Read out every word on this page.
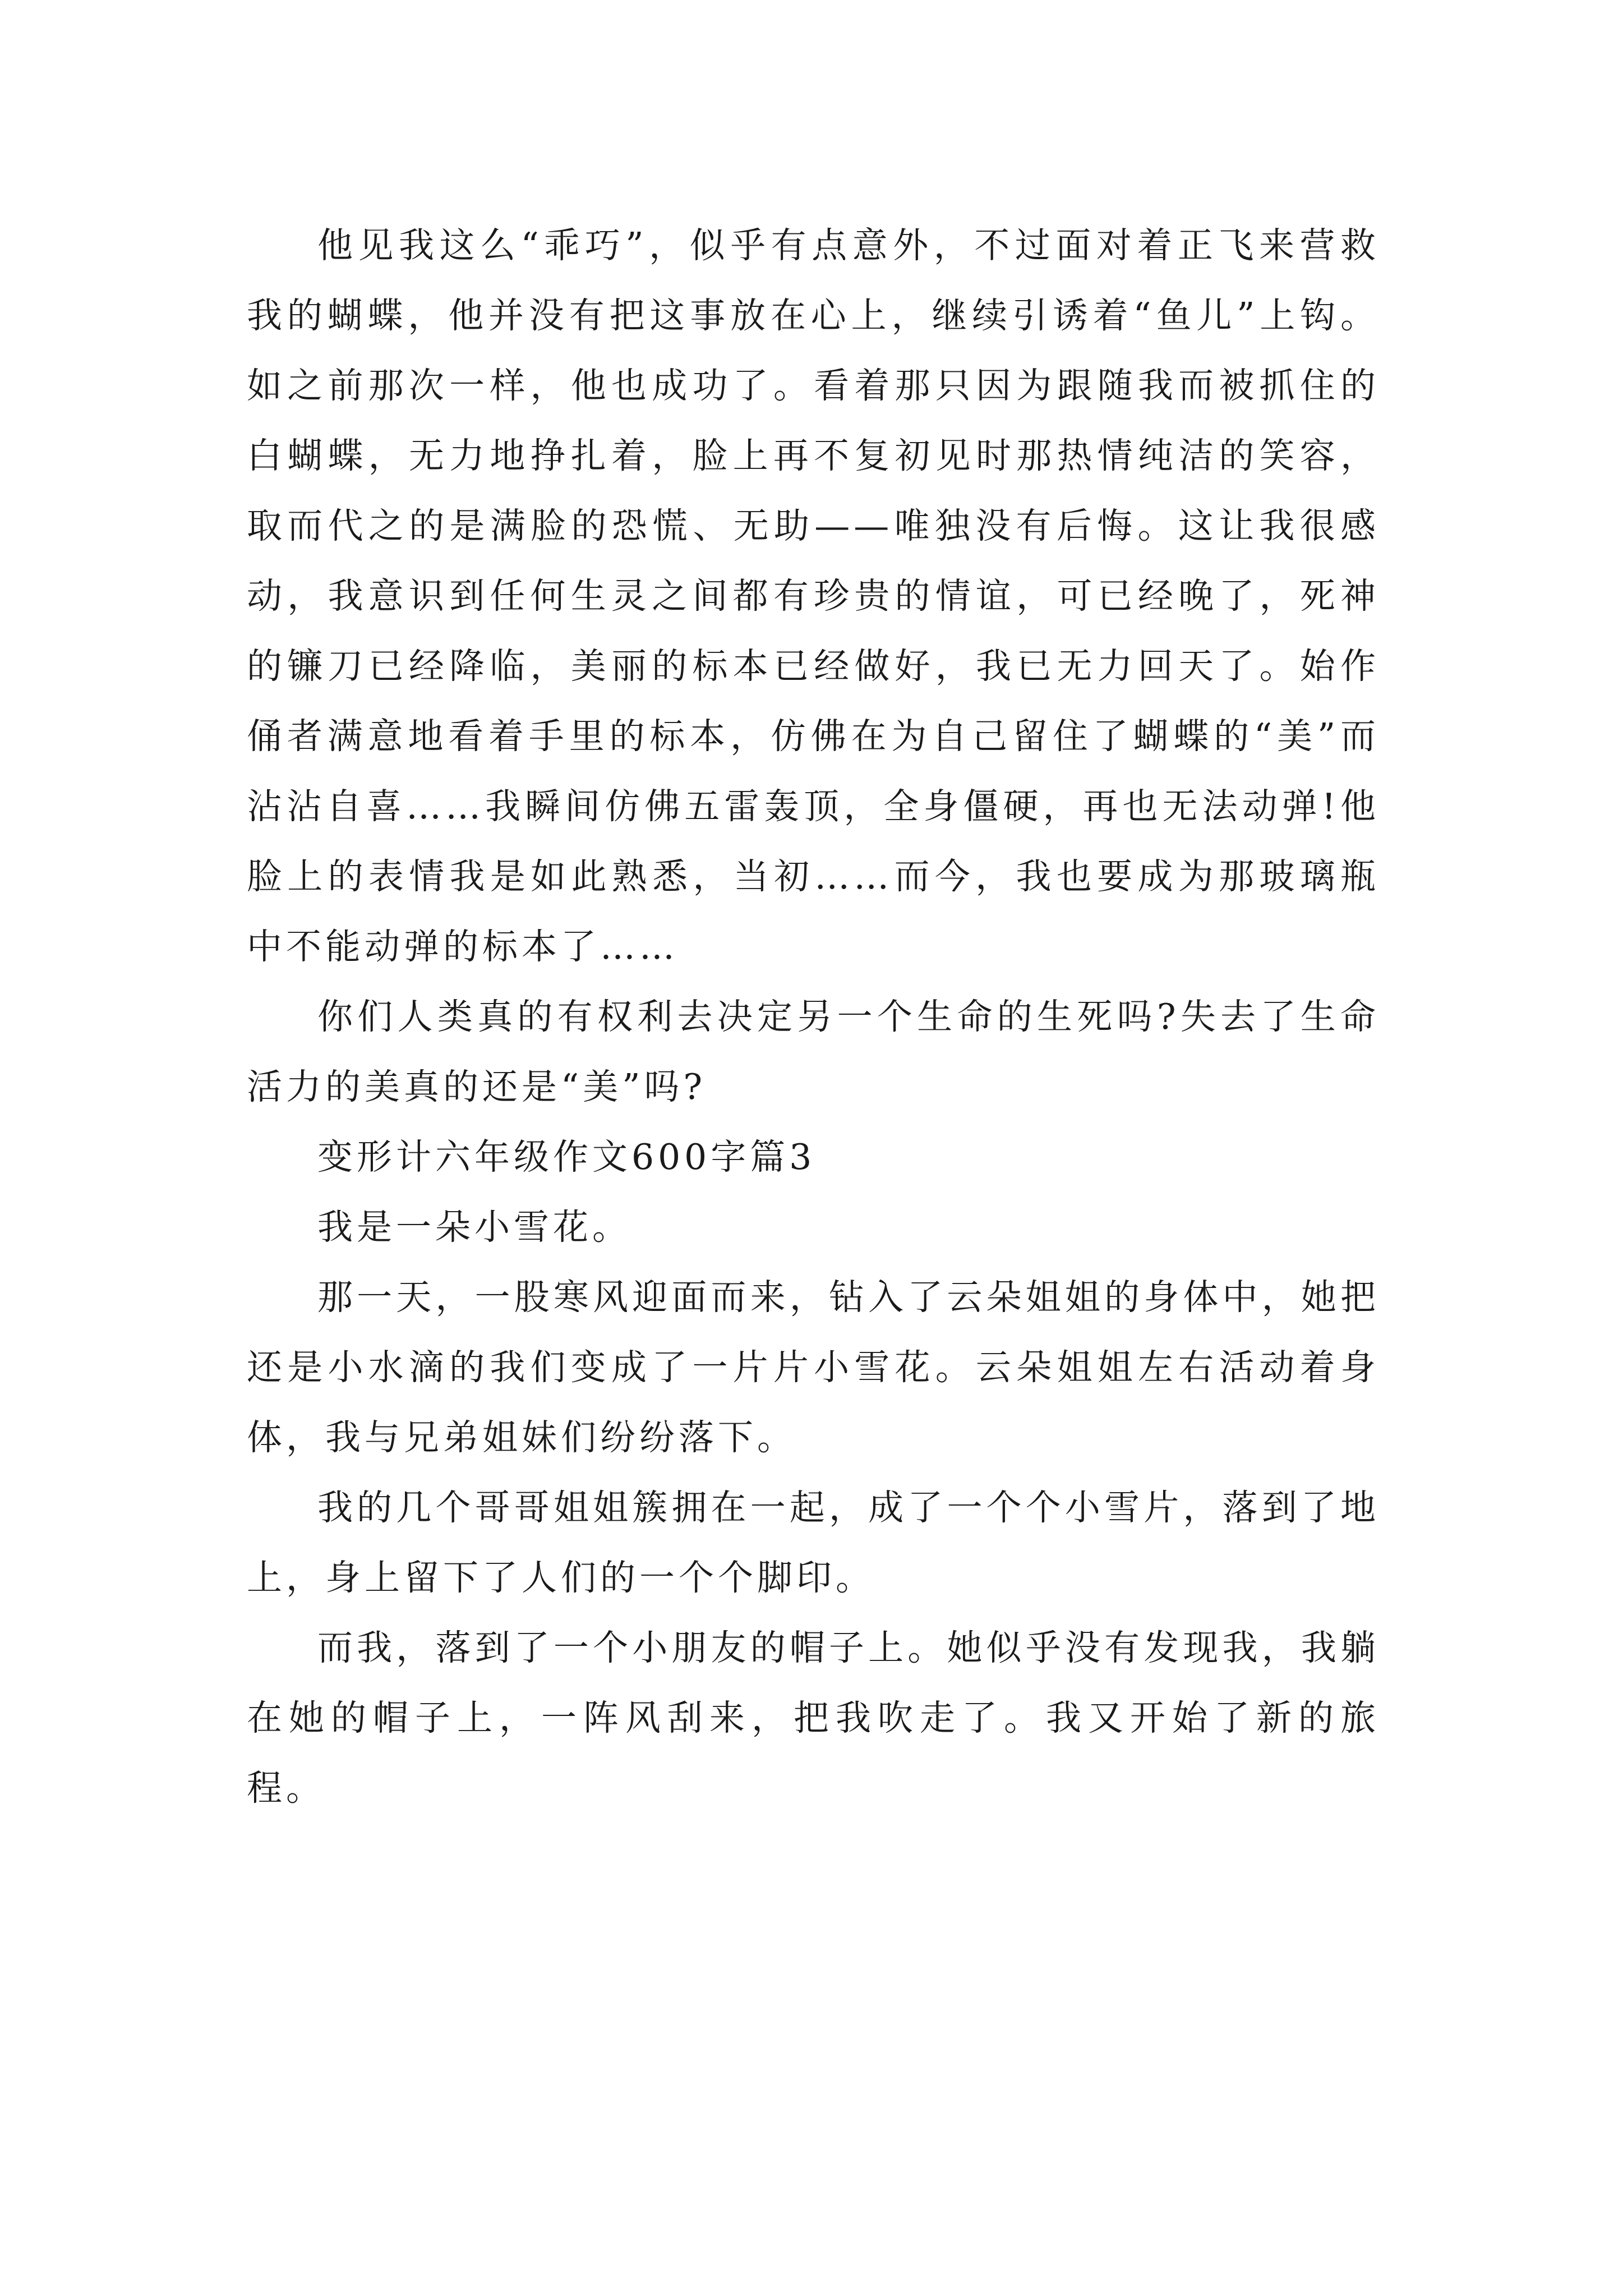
他见我这么“乖巧”，似乎有点意外，不过面对着正飞来营救我的蝴蝶，他并没有把这事放在心上，继续引诱着“鱼儿”上钩。如之前那次一样，他也成功了。看着那只因为跟随我而被抓住的白蝴蝶，无力地挣扎着，脸上再不复初见时那热情纯洁的笑容，取而代之的是满脸的恐慌、无助——唯独没有后悔。这让我很感动，我意识到任何生灵之间都有珍贵的情谊，可已经晚了，死神的镰刀已经降临，美丽的标本已经做好，我已无力回天了。始作俑者满意地看着手里的标本，仿佛在为自己留住了蝴蝶的“美”而沾沾自喜……我瞬间仿佛五雷轰顶，全身僵硬，再也无法动弹!他脸上的表情我是如此熟悉，当初……而今，我也要成为那玻璃瓶中不能动弹的标本了……

你们人类真的有权利去决定另一个生命的生死吗?失去了生命活力的美真的还是“美”吗?

变形计六年级作文600字篇3

我是一朵小雪花。

那一天，一股寒风迎面而来，钻入了云朵姐姐的身体中，她把还是小水滴的我们变成了一片片小雪花。云朵姐姐左右活动着身体，我与兄弟姐妹们纷纷落下。

我的几个哥哥姐姐簇拥在一起，成了一个个小雪片，落到了地上，身上留下了人们的一个个脚印。

而我，落到了一个小朋友的帽子上。她似乎没有发现我，我躺在她的帽子上，一阵风刮来，把我吹走了。我又开始了新的旅程。
